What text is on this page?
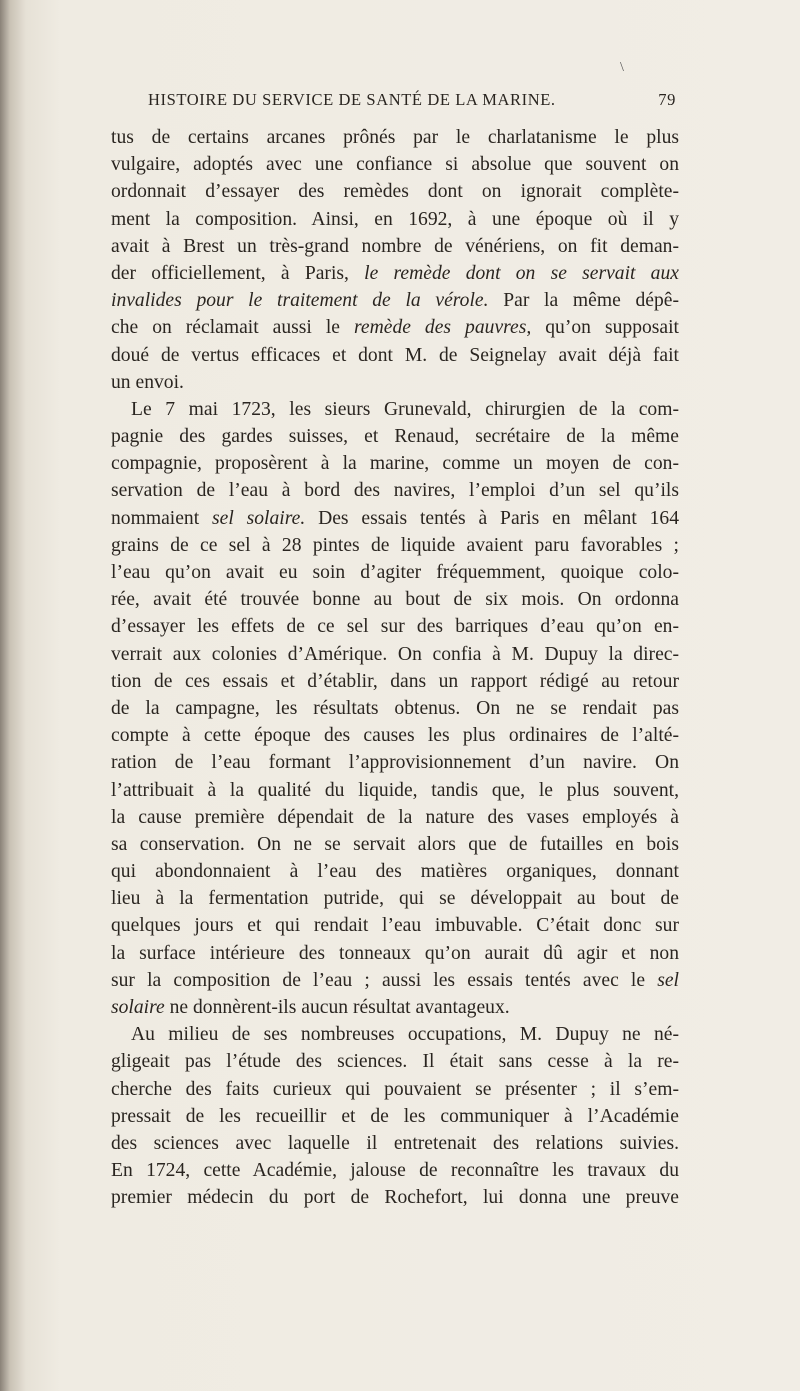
\
HISTOIRE DU SERVICE DE SANTÉ DE LA MARINE.	79
tus de certains arcanes prônés par le charlatanisme le plus
vulgaire, adoptés avec une confiance si absolue que souvent on
ordonnait d’essayer des remèdes dont on ignorait complète-
ment la composition. Ainsi, en 1692, à une époque où il y
avait à Brest un très-grand nombre de vénériens, on fit deman-
der officiellement, à Paris, le remède dont on se servait aux
invalides pour le traitement de la vérole. Par la même dépê-
che on réclamait aussi le remède des pauvres, qu’on supposait
doué de vertus efficaces et dont M. de Seignelay avait déjà fait
un envoi.
Le 7 mai 1723, les sieurs Grunevald, chirurgien de la com-
pagnie des gardes suisses, et Renaud, secrétaire de la même
compagnie, proposèrent à la marine, comme un moyen de con-
servation de l’eau à bord des navires, l’emploi d’un sel qu’ils
nommaient sel solaire. Des essais tentés à Paris en mêlant 164
grains de ce sel à 28 pintes de liquide avaient paru favorables ;
l’eau qu’on avait eu soin d’agiter fréquemment, quoique colo-
rée, avait été trouvée bonne au bout de six mois. On ordonna
d’essayer les effets de ce sel sur des barriques d’eau qu’on en-
verrait aux colonies d’Amérique. On confia à M. Dupuy la direc-
tion de ces essais et d’établir, dans un rapport rédigé au retour
de la campagne, les résultats obtenus. On ne se rendait pas
compte à cette époque des causes les plus ordinaires de l’alté-
ration de l’eau formant l’approvisionnement d’un navire. On
l’attribuait à la qualité du liquide, tandis que, le plus souvent,
la cause première dépendait de la nature des vases employés à
sa conservation. On ne se servait alors que de futailles en bois
qui abondonnaient à l’eau des matières organiques, donnant
lieu à la fermentation putride, qui se développait au bout de
quelques jours et qui rendait l’eau imbuvable. C’était donc sur
la surface intérieure des tonneaux qu’on aurait dû agir et non
sur la composition de l’eau ; aussi les essais tentés avec le sel
solaire ne donnèrent-ils aucun résultat avantageux.
Au milieu de ses nombreuses occupations, M. Dupuy ne né-
gligeait pas l’étude des sciences. Il était sans cesse à la re-
cherche des faits curieux qui pouvaient se présenter ; il s’em-
pressait de les recueillir et de les communiquer à l’Académie
des sciences avec laquelle il entretenait des relations suivies.
En 1724, cette Académie, jalouse de reconnaître les travaux du
premier médecin du port de Rochefort, lui donna une preuve
